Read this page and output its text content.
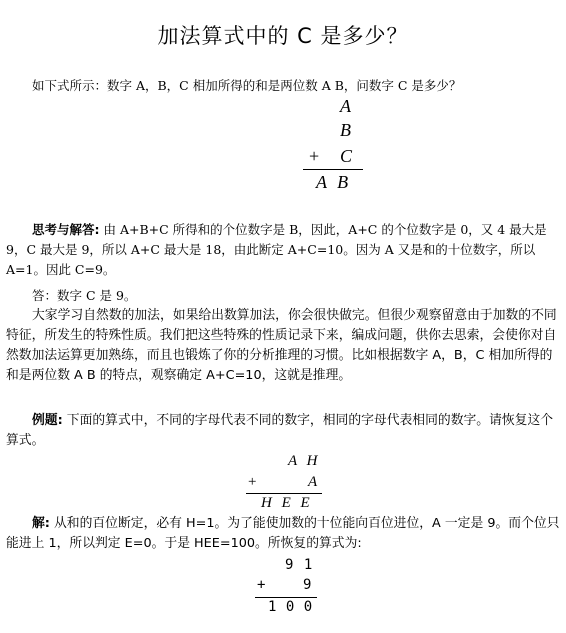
加法算式中的 C 是多少？
如下式所示：数字 A，B，C 相加所得的和是两位数 A B，问数字 C 是多少？
A
B
+ C
A B
思考与解答: 由 A+B+C 所得和的个位数字是 B，因此，A+C 的个位数字是 0，又 4 最大是 9，C 最大是 9，所以 A+C 最大是 18，由此断定 A+C=10。因为 A 又是和的十位数字，所以 A=1。因此 C=9。
答：数字 C 是 9。
大家学习自然数的加法，如果给出数算加法，你会很快做完。但很少观察留意由于加数的不同特征，所发生的特殊性质。我们把这些特殊的性质记录下来，编成问题，供你去思索，会使你对自然数加法运算更加熟练，而且也锻炼了你的分析推理的习惯。比如根据数字 A，B，C 相加所得的和是两位数 A B 的特点，观察确定 A+C=10，这就是推理。
例题: 下面的算式中，不同的字母代表不同的数字，相同的字母代表相同的数字。请恢复这个算式。
A H
+	A
H E E
解: 从和的百位断定，必有 H=1。为了能使加数的十位能向百位进位，A 一定是 9。而个位只能进上 1，所以判定 E=0。于是 HEE=100。所恢复的算式为:
9 1
+	9
1 0 0
